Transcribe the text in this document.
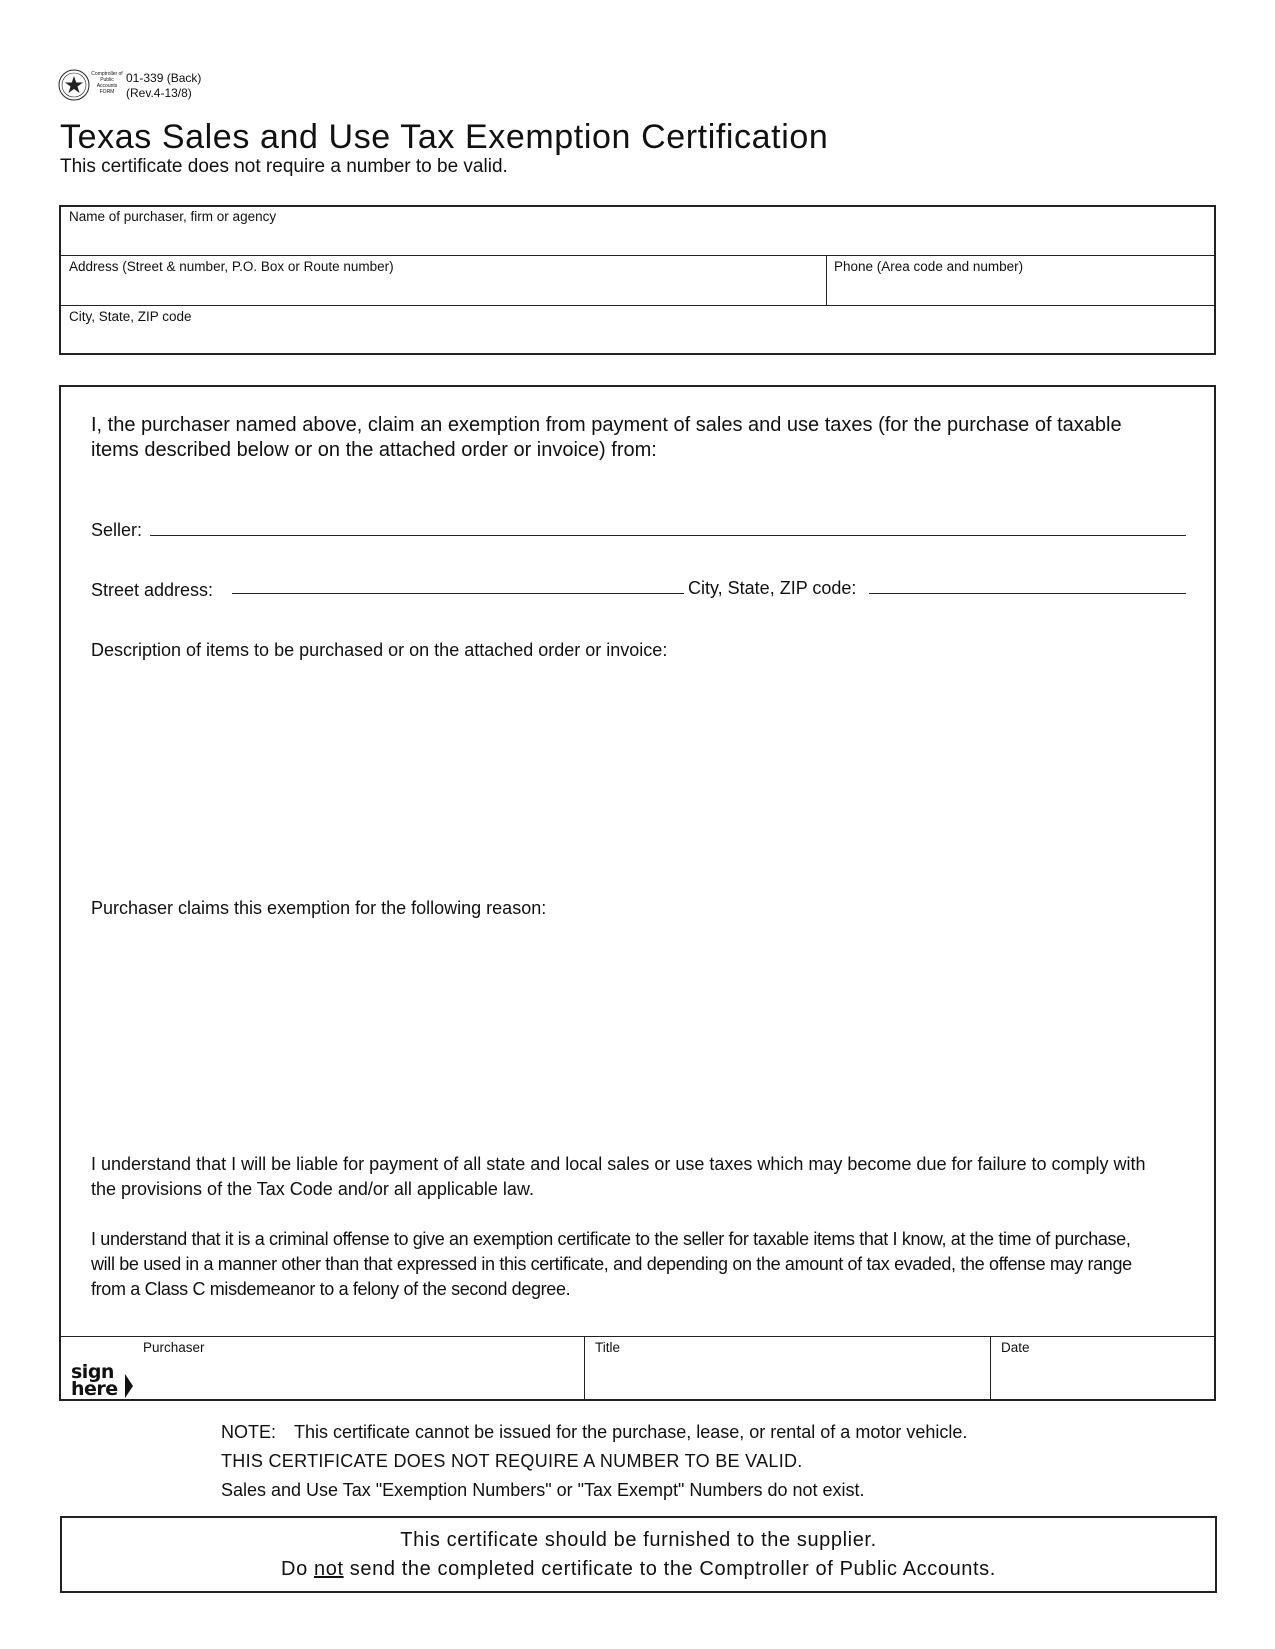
Comptroller of Public Accounts FORM
01-339 (Back)
(Rev.4-13/8)
Texas Sales and Use Tax Exemption Certification
This certificate does not require a number to be valid.
Name of purchaser, firm or agency
Address (Street & number, P.O. Box or Route number)	Phone (Area code and number)
City, State, ZIP code
I, the purchaser named above, claim an exemption from payment of sales and use taxes (for the purchase of taxable
items described below or on the attached order or invoice) from:
Seller:
Street address:	City, State, ZIP code:
Description of items to be purchased or on the attached order or invoice:
Purchaser claims this exemption for the following reason:
I understand that I will be liable for payment of all state and local sales or use taxes which may become due for failure to comply with
the provisions of the Tax Code and/or all applicable law.
I understand that it is a criminal offense to give an exemption certificate to the seller for taxable items that I know, at the time of purchase,
will be used in a manner other than that expressed in this certificate, and depending on the amount of tax evaded, the offense may range
from a Class C misdemeanor to a felony of the second degree.
sign
here
Purchaser	Title	Date
NOTE: This certificate cannot be issued for the purchase, lease, or rental of a motor vehicle.
THIS CERTIFICATE DOES NOT REQUIRE A NUMBER TO BE VALID.
Sales and Use Tax "Exemption Numbers" or "Tax Exempt" Numbers do not exist.
This certificate should be furnished to the supplier.
Do not send the completed certificate to the Comptroller of Public Accounts.
